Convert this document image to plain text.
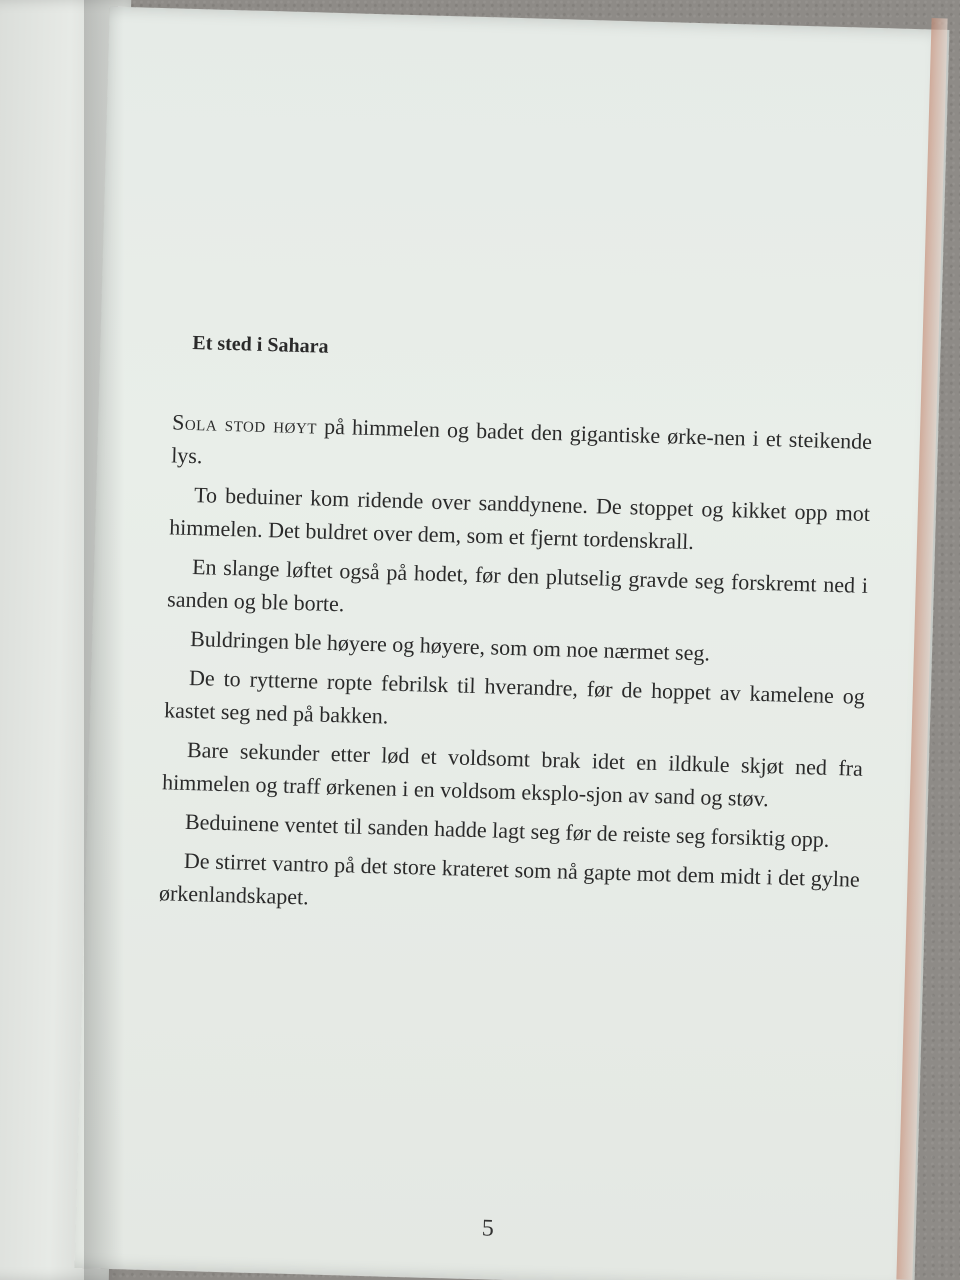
Et sted i Sahara

Sola stod høyt på himmelen og badet den gigantiske ørke-nen i et steikende lys.

To beduiner kom ridende over sanddynene. De stoppet og kikket opp mot himmelen. Det buldret over dem, som et fjernt tordenskrall.

En slange løftet også på hodet, før den plutselig gravde seg forskremt ned i sanden og ble borte.

Buldringen ble høyere og høyere, som om noe nærmet seg.

De to rytterne ropte febrilsk til hverandre, før de hoppet av kamelene og kastet seg ned på bakken.

Bare sekunder etter lød et voldsomt brak idet en ildkule skjøt ned fra himmelen og traff ørkenen i en voldsom eksplo-sjon av sand og støv.

Beduinene ventet til sanden hadde lagt seg før de reiste seg forsiktig opp.

De stirret vantro på det store krateret som nå gapte mot dem midt i det gylne ørkenlandskapet.

5
